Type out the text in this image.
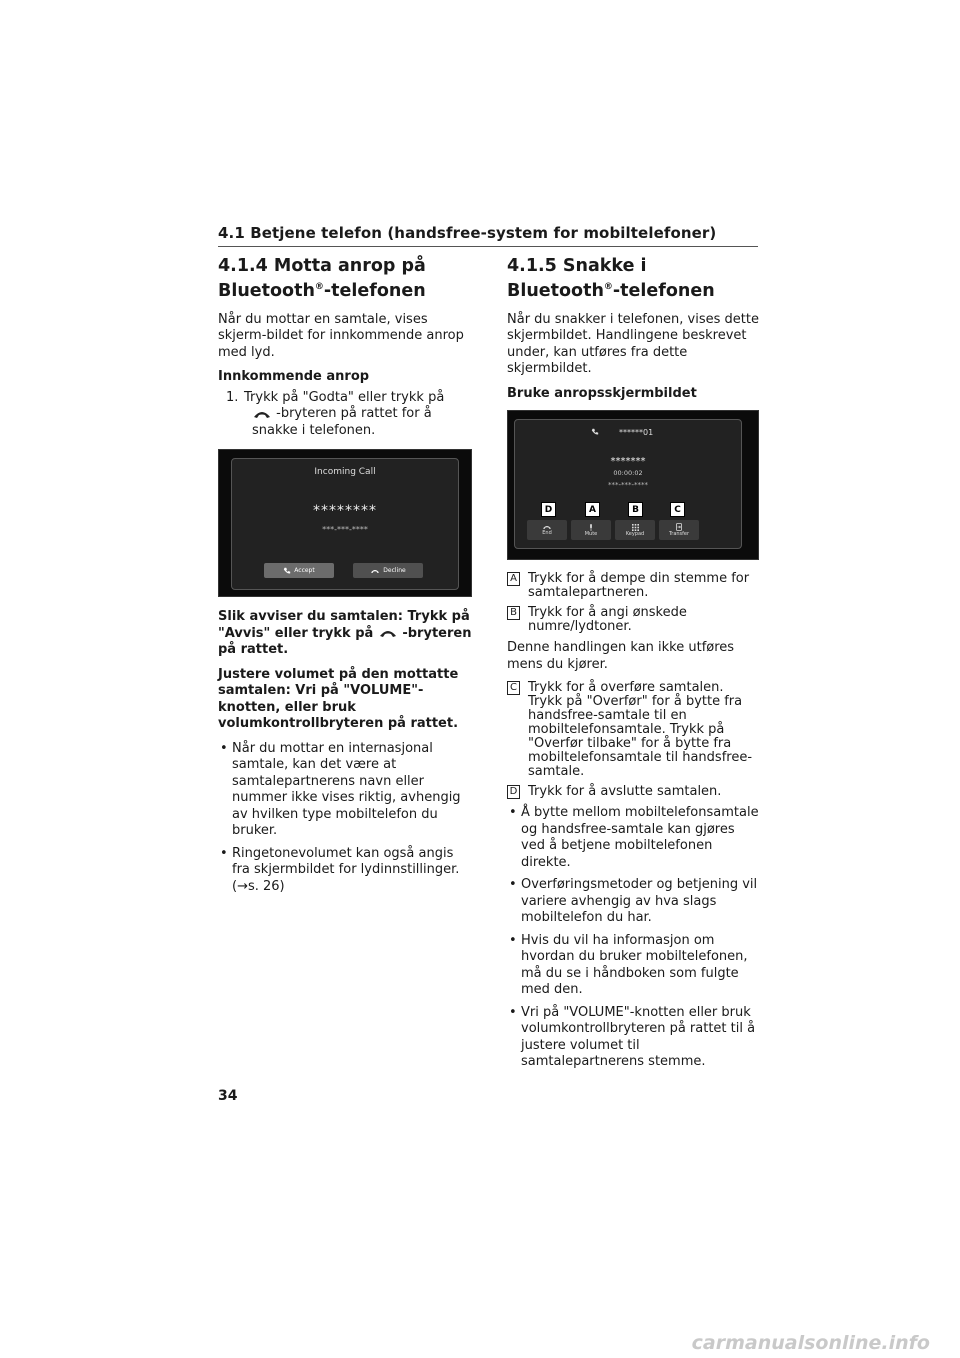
4.1 Betjene telefon (handsfree-system for mobiltelefoner)
4.1.4 Motta anrop på
Bluetooth®-telefonen

Når du mottar en samtale, vises skjerm-bildet for innkommende anrop med lyd.

Innkommende anrop

1. Trykk på "Godta" eller trykk på
-bryteren på rattet for å snakke i telefonen.
Incoming Call
********
***-***-****
Accept	Decline

Slik avviser du samtalen: Trykk på "Avvis" eller trykk på -bryteren på rattet.

Justere volumet på den mottatte samtalen: Vri på "VOLUME"-knotten, eller bruk volumkontrollbryteren på rattet.

• Når du mottar en internasjonal samtale, kan det være at samtalepartnerens navn eller nummer ikke vises riktig, avhengig av hvilken type mobiltelefon du bruker.
• Ringetonevolumet kan også angis fra skjermbildet for lydinnstillinger. (→s. 26)
4.1.5 Snakke i
Bluetooth®-telefonen

Når du snakker i telefonen, vises dette skjermbildet. Handlingene beskrevet under, kan utføres fra dette skjermbildet.

Bruke anropsskjermbildet

******01
*******
00:00:02
***-***-****
D	A	B	C
End	Mute	Keypad	Transfer
A Trykk for å dempe din stemme for samtalepartneren.
B Trykk for å angi ønskede numre/lydtoner.

Denne handlingen kan ikke utføres mens du kjører.

C Trykk for å overføre samtalen. Trykk på "Overfør" for å bytte fra handsfree-samtale til en mobiltelefonsamtale. Trykk på "Overfør tilbake" for å bytte fra mobiltelefonsamtale til handsfree-samtale.
D Trykk for å avslutte samtalen.
• Å bytte mellom mobiltelefonsamtale og handsfree-samtale kan gjøres ved å betjene mobiltelefonen direkte.
• Overføringsmetoder og betjening vil variere avhengig av hva slags mobiltelefon du har.
• Hvis du vil ha informasjon om hvordan du bruker mobiltelefonen, må du se i håndboken som fulgte med den.
• Vri på "VOLUME"-knotten eller bruk volumkontrollbryteren på rattet til å justere volumet til samtalepartnerens stemme.
34
carmanualsonline.info
